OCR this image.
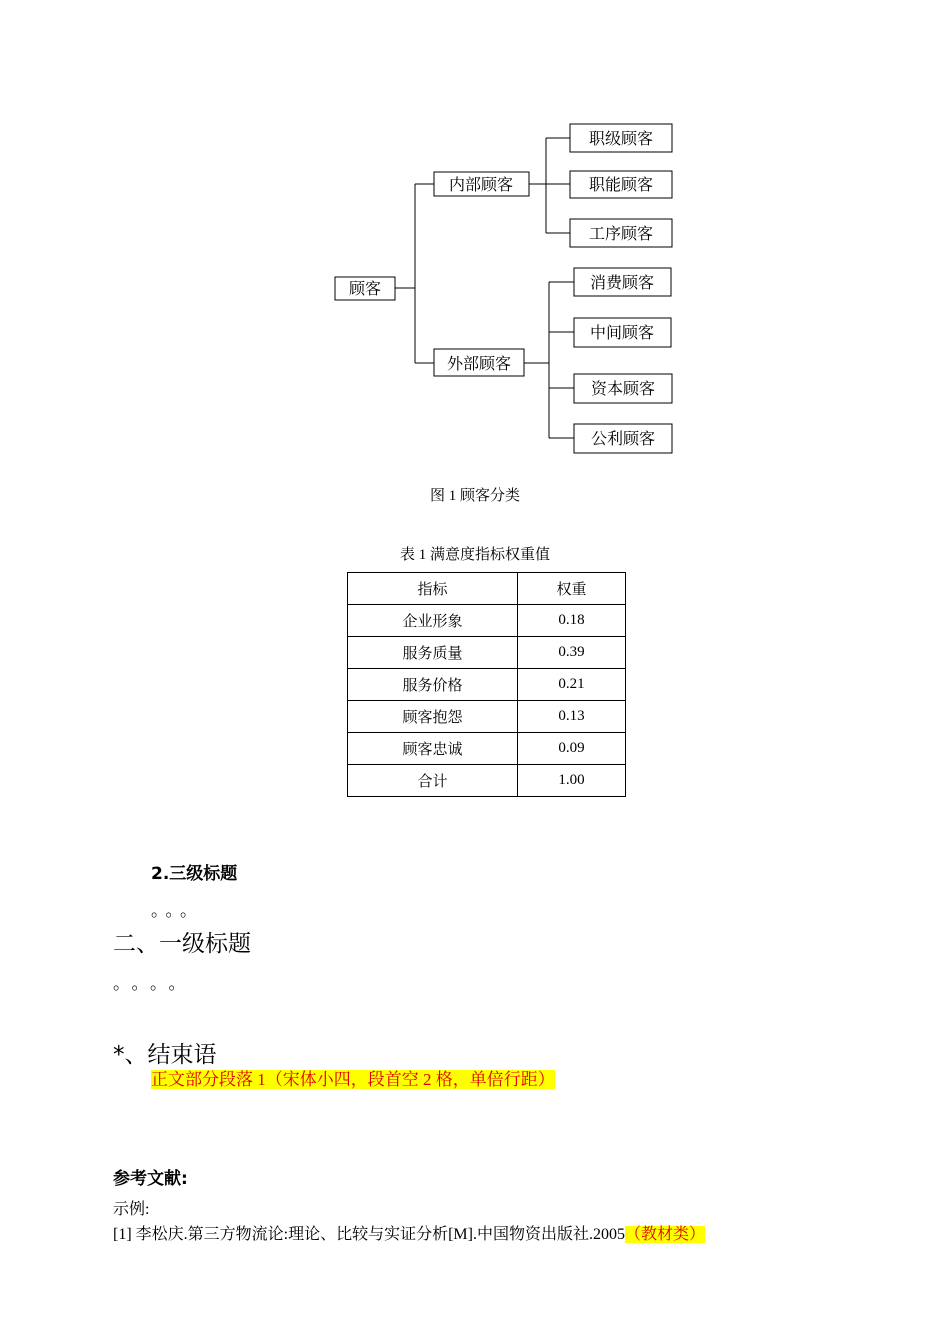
顾客
内部顾客
外部顾客
职级顾客
职能顾客
工序顾客
消费顾客
中间顾客
资本顾客
公利顾客
图 1 顾客分类
表 1 满意度指标权重值
指标	权重
企业形象	0.18
服务质量	0.39
服务价格	0.21
顾客抱怨	0.13
顾客忠诚	0.09
合计	1.00
2.三级标题
。。。
二、一级标题
。。。。
*、结束语
正文部分段落 1（宋体小四，段首空 2 格，单倍行距）
参考文献:
示例:
[1] 李松庆.第三方物流论:理论、比较与实证分析[M].中国物资出版社.2005（教材类）
